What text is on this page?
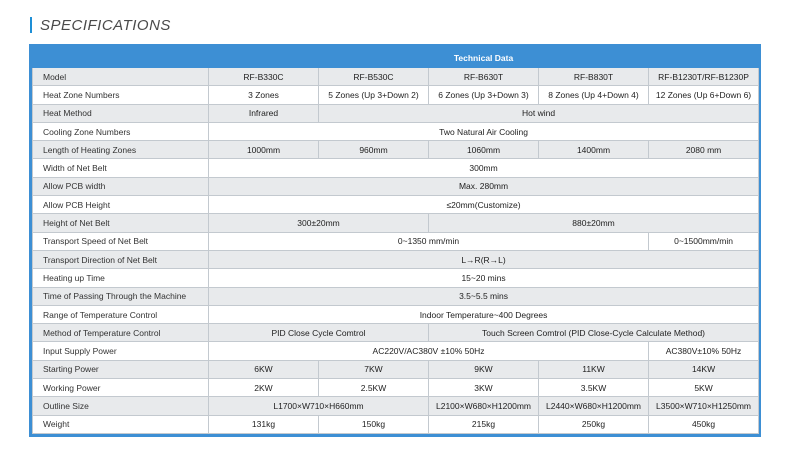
SPECIFICATIONS
	Technical Data				
Model	RF-B330C	RF-B530C	RF-B630T	RF-B830T	RF-B1230T/RF-B1230P
Heat Zone Numbers	3 Zones	5 Zones (Up 3+Down 2)	6 Zones (Up 3+Down 3)	8 Zones (Up 4+Down 4)	12 Zones (Up 6+Down 6)
Heat Method	Infrared	Hot wind			
Cooling Zone Numbers	Two Natural Air Cooling				
Length of Heating Zones	1000mm	960mm	1060mm	1400mm	2080 mm
Width of Net Belt	300mm				
Allow PCB width	Max. 280mm				
Allow PCB Height	≤20mm(Customize)				
Height of Net Belt	300±20mm		880±20mm		
Transport Speed of Net Belt	0~1350 mm/min				0~1500mm/min
Transport Direction of Net Belt	L→R(R→L)				
Heating up Time	15~20 mins				
Time of Passing Through the Machine	3.5~5.5 mins				
Range of Temperature Control	Indoor Temperature~400 Degrees				
Method of Temperature Control	PID Close Cycle Comtrol		Touch Screen Comtrol (PID Close-Cycle Calculate Method)		
Input Supply Power	AC220V/AC380V ±10% 50Hz				AC380V±10% 50Hz
Starting Power	6KW	7KW	9KW	11KW	14KW
Working Power	2KW	2.5KW	3KW	3.5KW	5KW
Outline Size	L1700×W710×H660mm		L2100×W680×H1200mm	L2440×W680×H1200mm	L3500×W710×H1250mm
Weight	131kg	150kg	215kg	250kg	450kg
